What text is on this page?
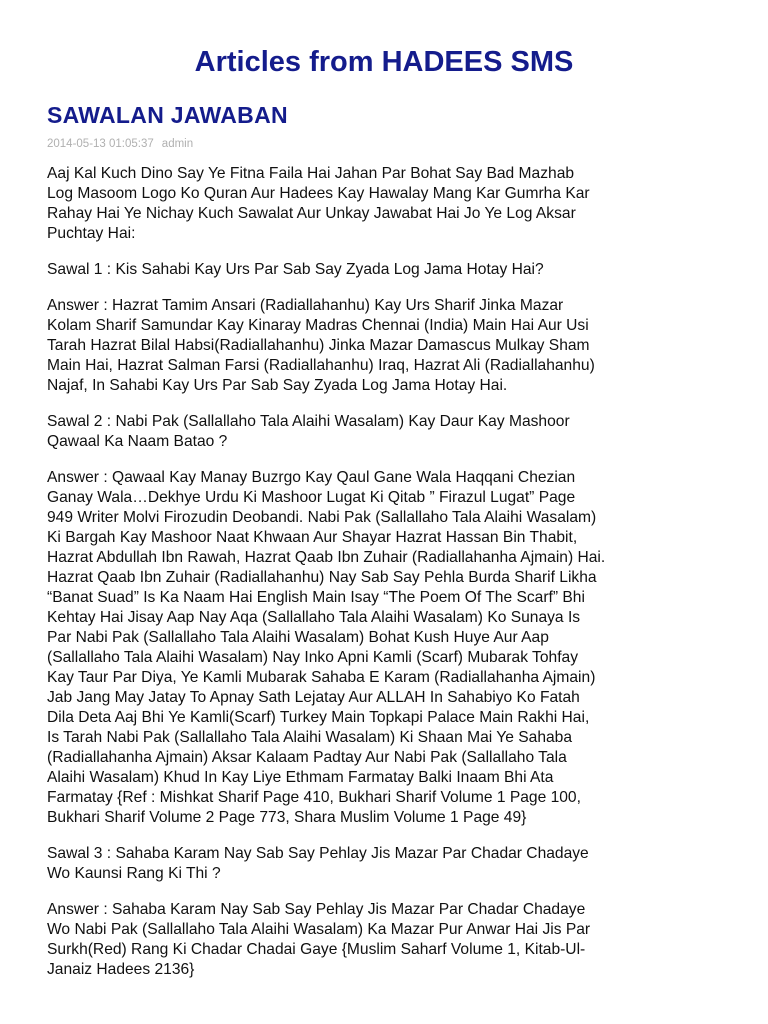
Articles from HADEES SMS
SAWALAN JAWABAN
2014-05-13 01:05:37 admin

Aaj Kal Kuch Dino Say Ye Fitna Faila Hai Jahan Par Bohat Say Bad Mazhab
Log Masoom Logo Ko Quran Aur Hadees Kay Hawalay Mang Kar Gumrha Kar
Rahay Hai Ye Nichay Kuch Sawalat Aur Unkay Jawabat Hai Jo Ye Log Aksar
Puchtay Hai:

Sawal 1 : Kis Sahabi Kay Urs Par Sab Say Zyada Log Jama Hotay Hai?

Answer : Hazrat Tamim Ansari (Radiallahanhu) Kay Urs Sharif Jinka Mazar
Kolam Sharif Samundar Kay Kinaray Madras Chennai (India) Main Hai Aur Usi
Tarah Hazrat Bilal Habsi(Radiallahanhu) Jinka Mazar Damascus Mulkay Sham
Main Hai, Hazrat Salman Farsi (Radiallahanhu) Iraq, Hazrat Ali (Radiallahanhu)
Najaf, In Sahabi Kay Urs Par Sab Say Zyada Log Jama Hotay Hai.

Sawal 2 : Nabi Pak (Sallallaho Tala Alaihi Wasalam) Kay Daur Kay Mashoor
Qawaal Ka Naam Batao ?

Answer : Qawaal Kay Manay Buzrgo Kay Qaul Gane Wala Haqqani Chezian
Ganay Wala…Dekhye Urdu Ki Mashoor Lugat Ki Qitab ” Firazul Lugat” Page
949 Writer Molvi Firozudin Deobandi. Nabi Pak (Sallallaho Tala Alaihi Wasalam)
Ki Bargah Kay Mashoor Naat Khwaan Aur Shayar Hazrat Hassan Bin Thabit,
Hazrat Abdullah Ibn Rawah, Hazrat Qaab Ibn Zuhair (Radiallahanha Ajmain) Hai.
Hazrat Qaab Ibn Zuhair (Radiallahanhu) Nay Sab Say Pehla Burda Sharif Likha
“Banat Suad” Is Ka Naam Hai English Main Isay “The Poem Of The Scarf” Bhi
Kehtay Hai Jisay Aap Nay Aqa (Sallallaho Tala Alaihi Wasalam) Ko Sunaya Is
Par Nabi Pak (Sallallaho Tala Alaihi Wasalam) Bohat Kush Huye Aur Aap
(Sallallaho Tala Alaihi Wasalam) Nay Inko Apni Kamli (Scarf) Mubarak Tohfay
Kay Taur Par Diya, Ye Kamli Mubarak Sahaba E Karam (Radiallahanha Ajmain)
Jab Jang May Jatay To Apnay Sath Lejatay Aur ALLAH In Sahabiyo Ko Fatah
Dila Deta Aaj Bhi Ye Kamli(Scarf) Turkey Main Topkapi Palace Main Rakhi Hai,
Is Tarah Nabi Pak (Sallallaho Tala Alaihi Wasalam) Ki Shaan Mai Ye Sahaba
(Radiallahanha Ajmain) Aksar Kalaam Padtay Aur Nabi Pak (Sallallaho Tala
Alaihi Wasalam) Khud In Kay Liye Ethmam Farmatay Balki Inaam Bhi Ata
Farmatay {Ref : Mishkat Sharif Page 410, Bukhari Sharif Volume 1 Page 100,
Bukhari Sharif Volume 2 Page 773, Shara Muslim Volume 1 Page 49}

Sawal 3 : Sahaba Karam Nay Sab Say Pehlay Jis Mazar Par Chadar Chadaye
Wo Kaunsi Rang Ki Thi ?

Answer : Sahaba Karam Nay Sab Say Pehlay Jis Mazar Par Chadar Chadaye
Wo Nabi Pak (Sallallaho Tala Alaihi Wasalam) Ka Mazar Pur Anwar Hai Jis Par
Surkh(Red) Rang Ki Chadar Chadai Gaye {Muslim Saharf Volume 1, Kitab-Ul-
Janaiz Hadees 2136}
